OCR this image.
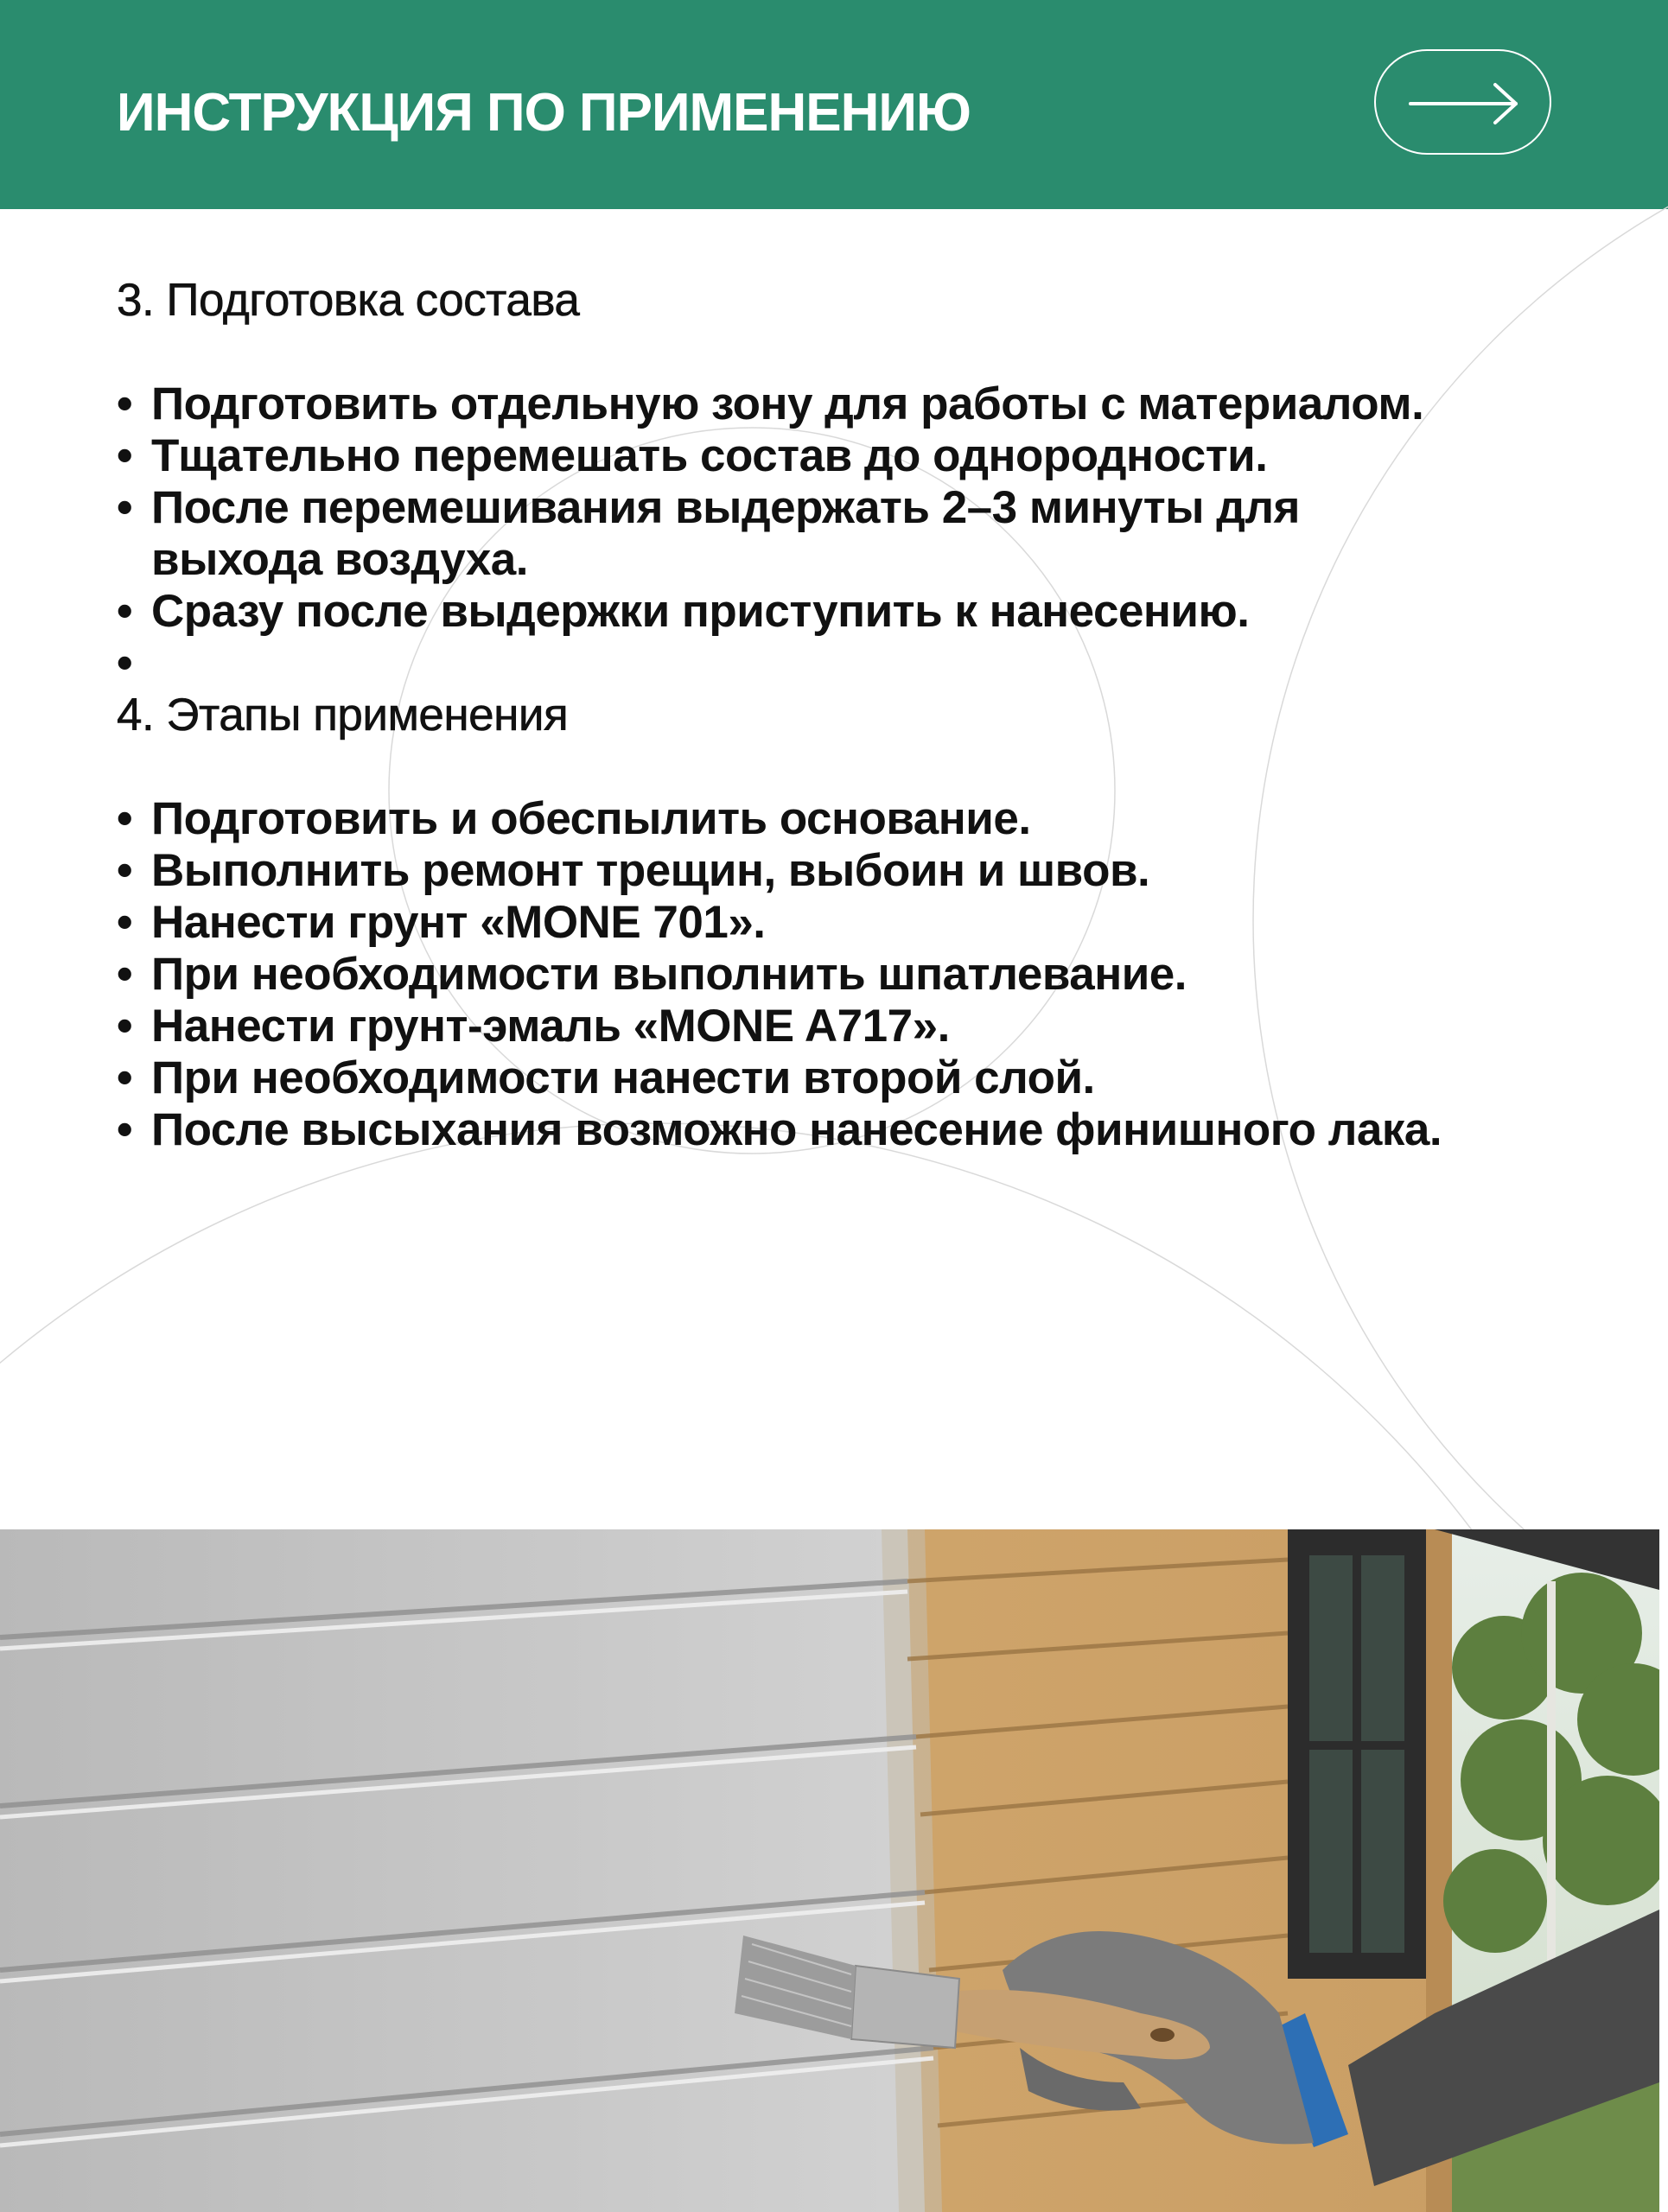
ИНСТРУКЦИЯ ПО ПРИМЕНЕНИЮ
3. Подготовка состава
• Подготовить отдельную зону для работы с материалом.
• Тщательно перемешать состав до однородности.
• После перемешивания выдержать 2–3 минуты для выхода воздуха.
• Сразу после выдержки приступить к нанесению.
•
4. Этапы применения
• Подготовить и обеспылить основание.
• Выполнить ремонт трещин, выбоин и швов.
• Нанести грунт «MONE 701».
• При необходимости выполнить шпатлевание.
• Нанести грунт-эмаль «MONE A717».
• При необходимости нанести второй слой.
• После высыхания возможно нанесение финишного лака.
